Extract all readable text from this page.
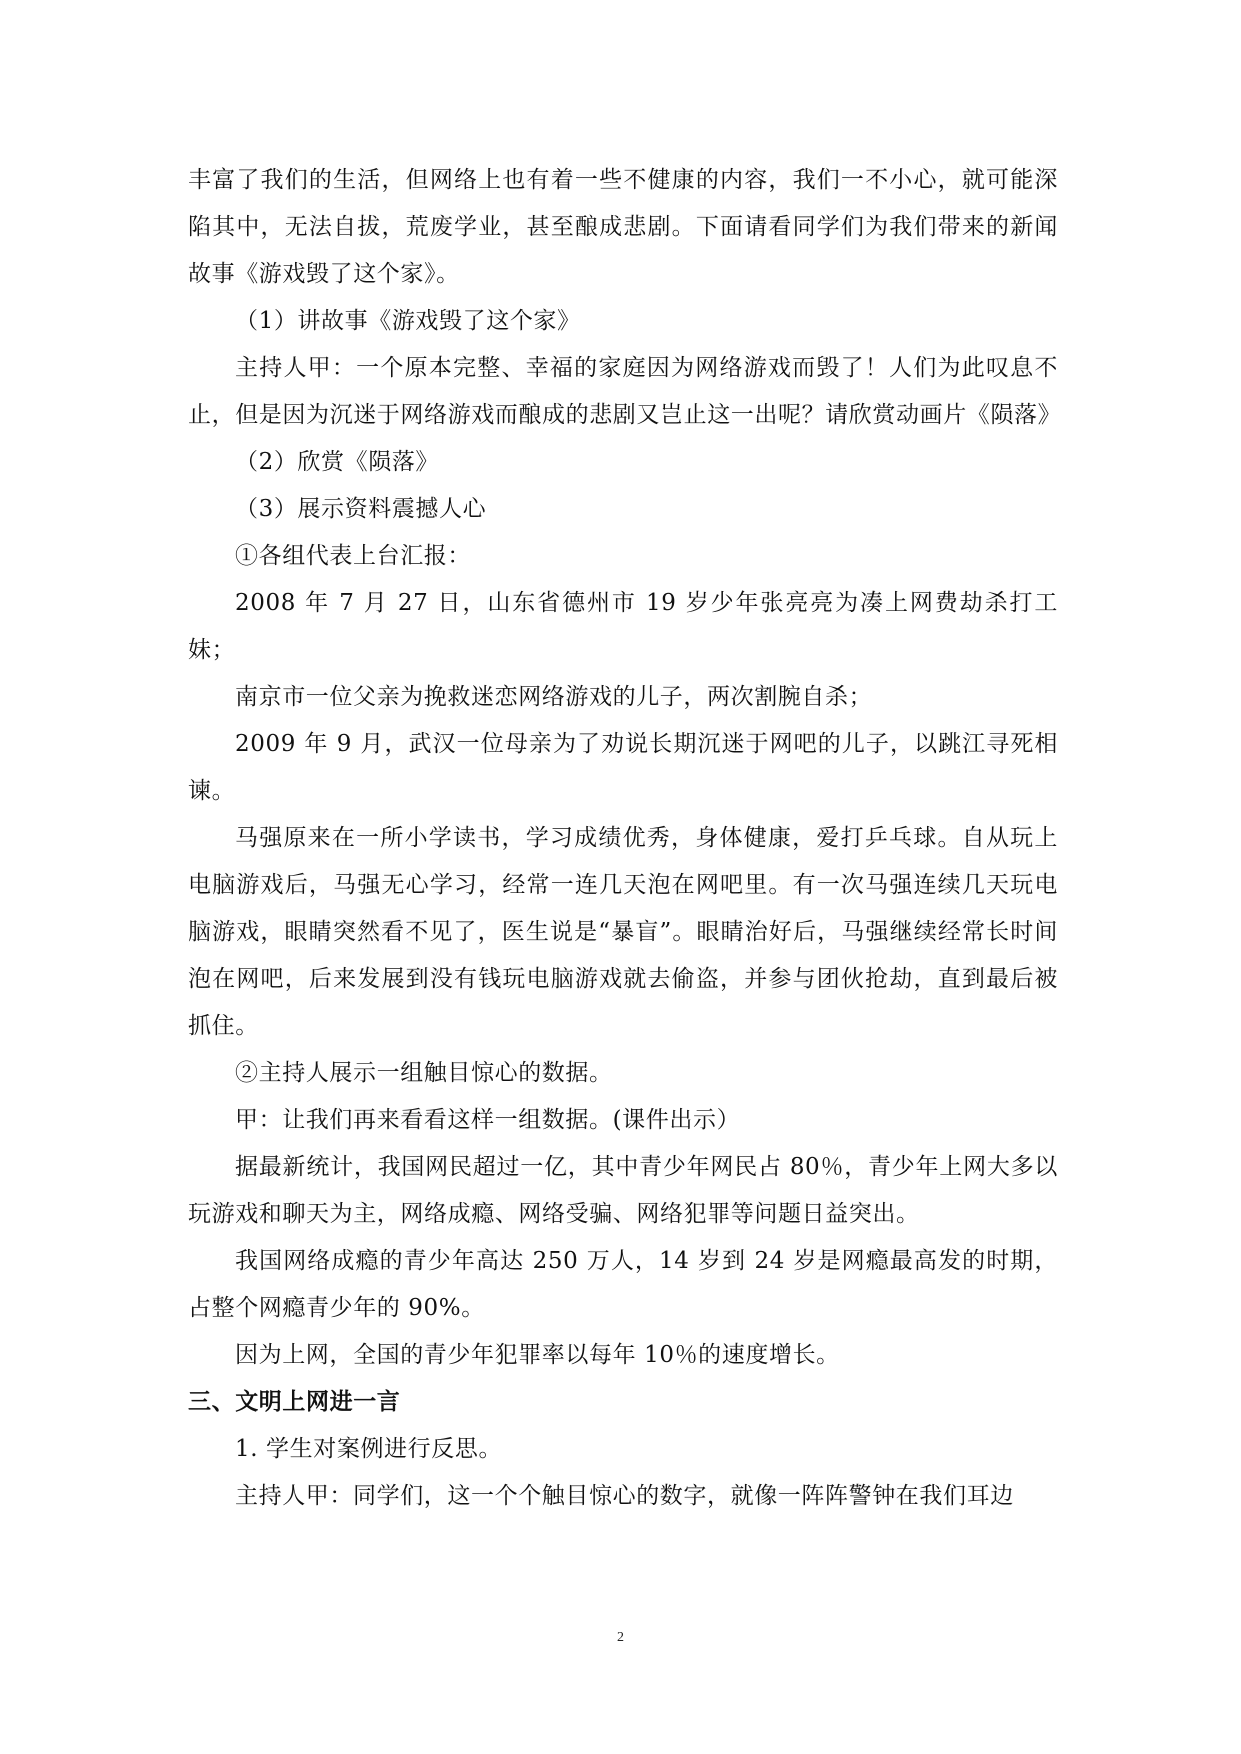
丰富了我们的生活，但网络上也有着一些不健康的内容，我们一不小心，就可能深陷其中，无法自拔，荒废学业，甚至酿成悲剧。下面请看同学们为我们带来的新闻故事《游戏毁了这个家》。

（1）讲故事《游戏毁了这个家》

主持人甲：一个原本完整、幸福的家庭因为网络游戏而毁了！人们为此叹息不止，但是因为沉迷于网络游戏而酿成的悲剧又岂止这一出呢？请欣赏动画片《陨落》

（2）欣赏《陨落》

（3）展示资料震撼人心

①各组代表上台汇报：

2008 年 7 月 27 日，山东省德州市 19 岁少年张亮亮为凑上网费劫杀打工妹；

南京市一位父亲为挽救迷恋网络游戏的儿子，两次割腕自杀；

2009 年 9 月，武汉一位母亲为了劝说长期沉迷于网吧的儿子，以跳江寻死相谏。

马强原来在一所小学读书，学习成绩优秀，身体健康，爱打乒乓球。自从玩上电脑游戏后，马强无心学习，经常一连几天泡在网吧里。有一次马强连续几天玩电脑游戏，眼睛突然看不见了，医生说是“暴盲”。眼睛治好后，马强继续经常长时间泡在网吧，后来发展到没有钱玩电脑游戏就去偷盗，并参与团伙抢劫，直到最后被抓住。

②主持人展示一组触目惊心的数据。

甲：让我们再来看看这样一组数据。(课件出示）

据最新统计，我国网民超过一亿，其中青少年网民占 80％，青少年上网大多以玩游戏和聊天为主，网络成瘾、网络受骗、网络犯罪等问题日益突出。

我国网络成瘾的青少年高达 250 万人，14 岁到 24 岁是网瘾最高发的时期，占整个网瘾青少年的 90%。

因为上网，全国的青少年犯罪率以每年 10％的速度增长。

三、文明上网进一言

1. 学生对案例进行反思。

主持人甲：同学们，这一个个触目惊心的数字，就像一阵阵警钟在我们耳边

2
